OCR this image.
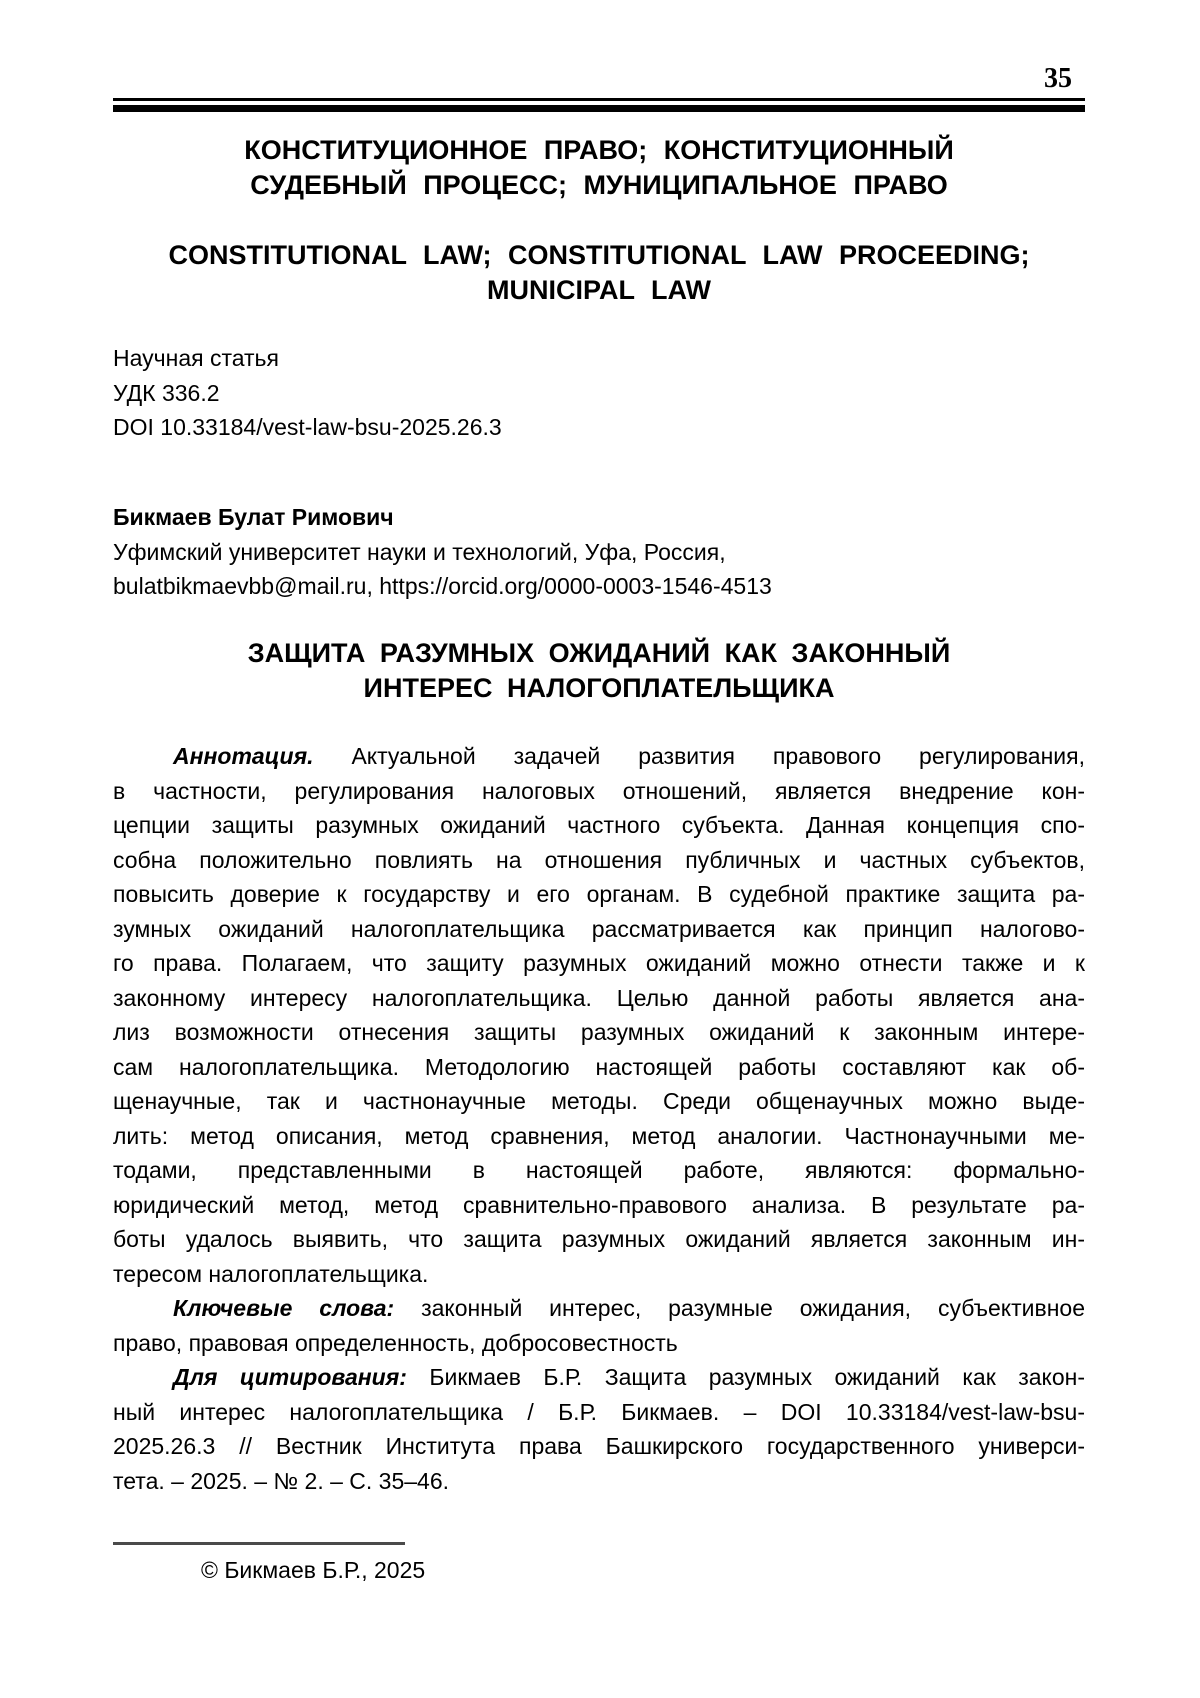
35
КОНСТИТУЦИОННОЕ ПРАВО; КОНСТИТУЦИОННЫЙ
СУДЕБНЫЙ ПРОЦЕСС; МУНИЦИПАЛЬНОЕ ПРАВО
CONSTITUTIONAL LAW; CONSTITUTIONAL LAW PROCEEDING;
MUNICIPAL LAW
Научная статья
УДК 336.2
DOI 10.33184/vest-law-bsu-2025.26.3
Бикмаев Булат Римович
Уфимский университет науки и технологий, Уфа, Россия,
bulatbikmaevbb@mail.ru, https://orcid.org/0000-0003-1546-4513
ЗАЩИТА РАЗУМНЫХ ОЖИДАНИЙ КАК ЗАКОННЫЙ
ИНТЕРЕС НАЛОГОПЛАТЕЛЬЩИКА
Аннотация. Актуальной задачей развития правового регулирования,
в частности, регулирования налоговых отношений, является внедрение кон-
цепции защиты разумных ожиданий частного субъекта. Данная концепция спо-
собна положительно повлиять на отношения публичных и частных субъектов,
повысить доверие к государству и его органам. В судебной практике защита ра-
зумных ожиданий налогоплательщика рассматривается как принцип налогово-
го права. Полагаем, что защиту разумных ожиданий можно отнести также и к
законному интересу налогоплательщика. Целью данной работы является ана-
лиз возможности отнесения защиты разумных ожиданий к законным интере-
сам налогоплательщика. Методологию настоящей работы составляют как об-
щенаучные, так и частнонаучные методы. Среди общенаучных можно выде-
лить: метод описания, метод сравнения, метод аналогии. Частнонаучными ме-
тодами, представленными в настоящей работе, являются: формально-
юридический метод, метод сравнительно-правового анализа. В результате ра-
боты удалось выявить, что защита разумных ожиданий является законным ин-
тересом налогоплательщика.
Ключевые слова: законный интерес, разумные ожидания, субъективное
право, правовая определенность, добросовестность
Для цитирования: Бикмаев Б.Р. Защита разумных ожиданий как закон-
ный интерес налогоплательщика / Б.Р. Бикмаев. – DOI 10.33184/vest-law-bsu-
2025.26.3 // Вестник Института права Башкирского государственного универси-
тета. – 2025. – № 2. – С. 35–46.
© Бикмаев Б.Р., 2025
